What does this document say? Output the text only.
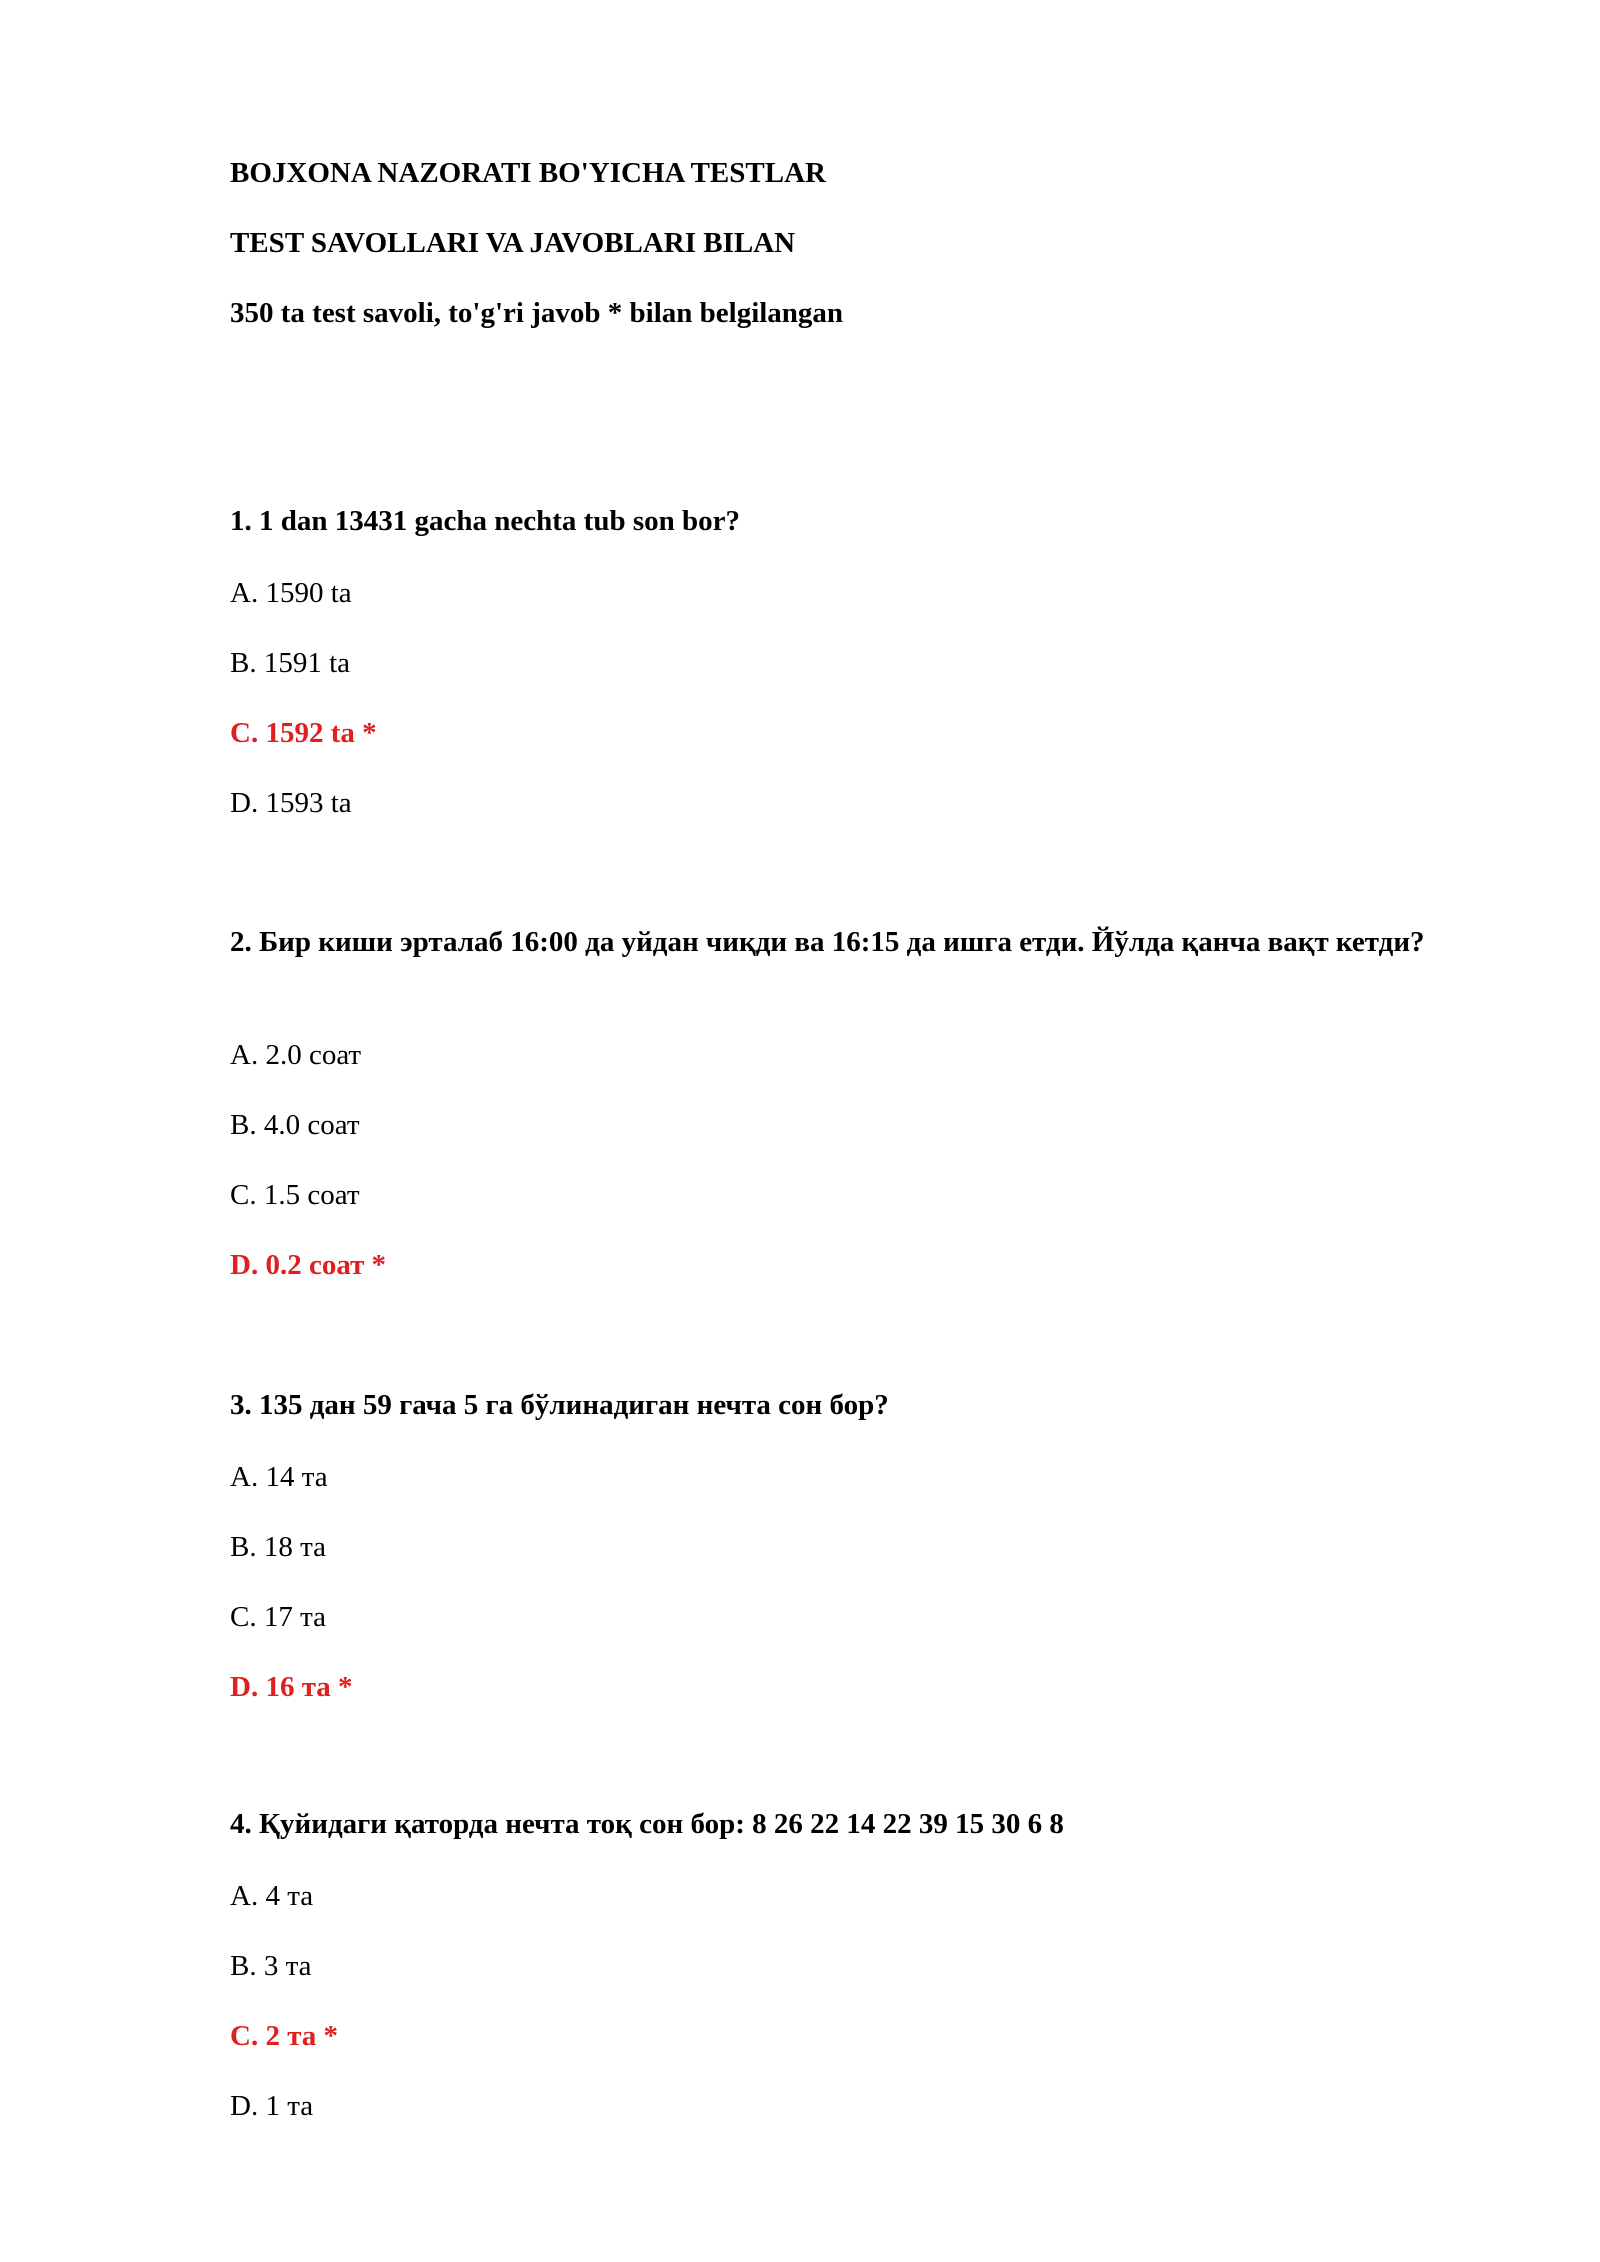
BOJXONA NAZORATI BO'YICHA TESTLAR
TEST SAVOLLARI VA JAVOBLARI BILAN
350 ta test savoli, to'g'ri javob * bilan belgilangan
1. 1 dan 13431 gacha nechta tub son bor?
A. 1590 ta
B. 1591 ta
C. 1592 ta *
D. 1593 ta
2. Бир киши эрталаб 16:00 да уйдан чиқди ва 16:15 да ишга етди. Йўлда қанча вақт кетди?
A. 2.0 соат
B. 4.0 соат
C. 1.5 соат
D. 0.2 соат *
3. 135 дан 59 гача 5 га бўлинадиган нечта сон бор?
A. 14 та
B. 18 та
C. 17 та
D. 16 та *
4. Қуйидаги қаторда нечта тоқ сон бор: 8 26 22 14 22 39 15 30 6 8
A. 4 та
B. 3 та
C. 2 та *
D. 1 та
